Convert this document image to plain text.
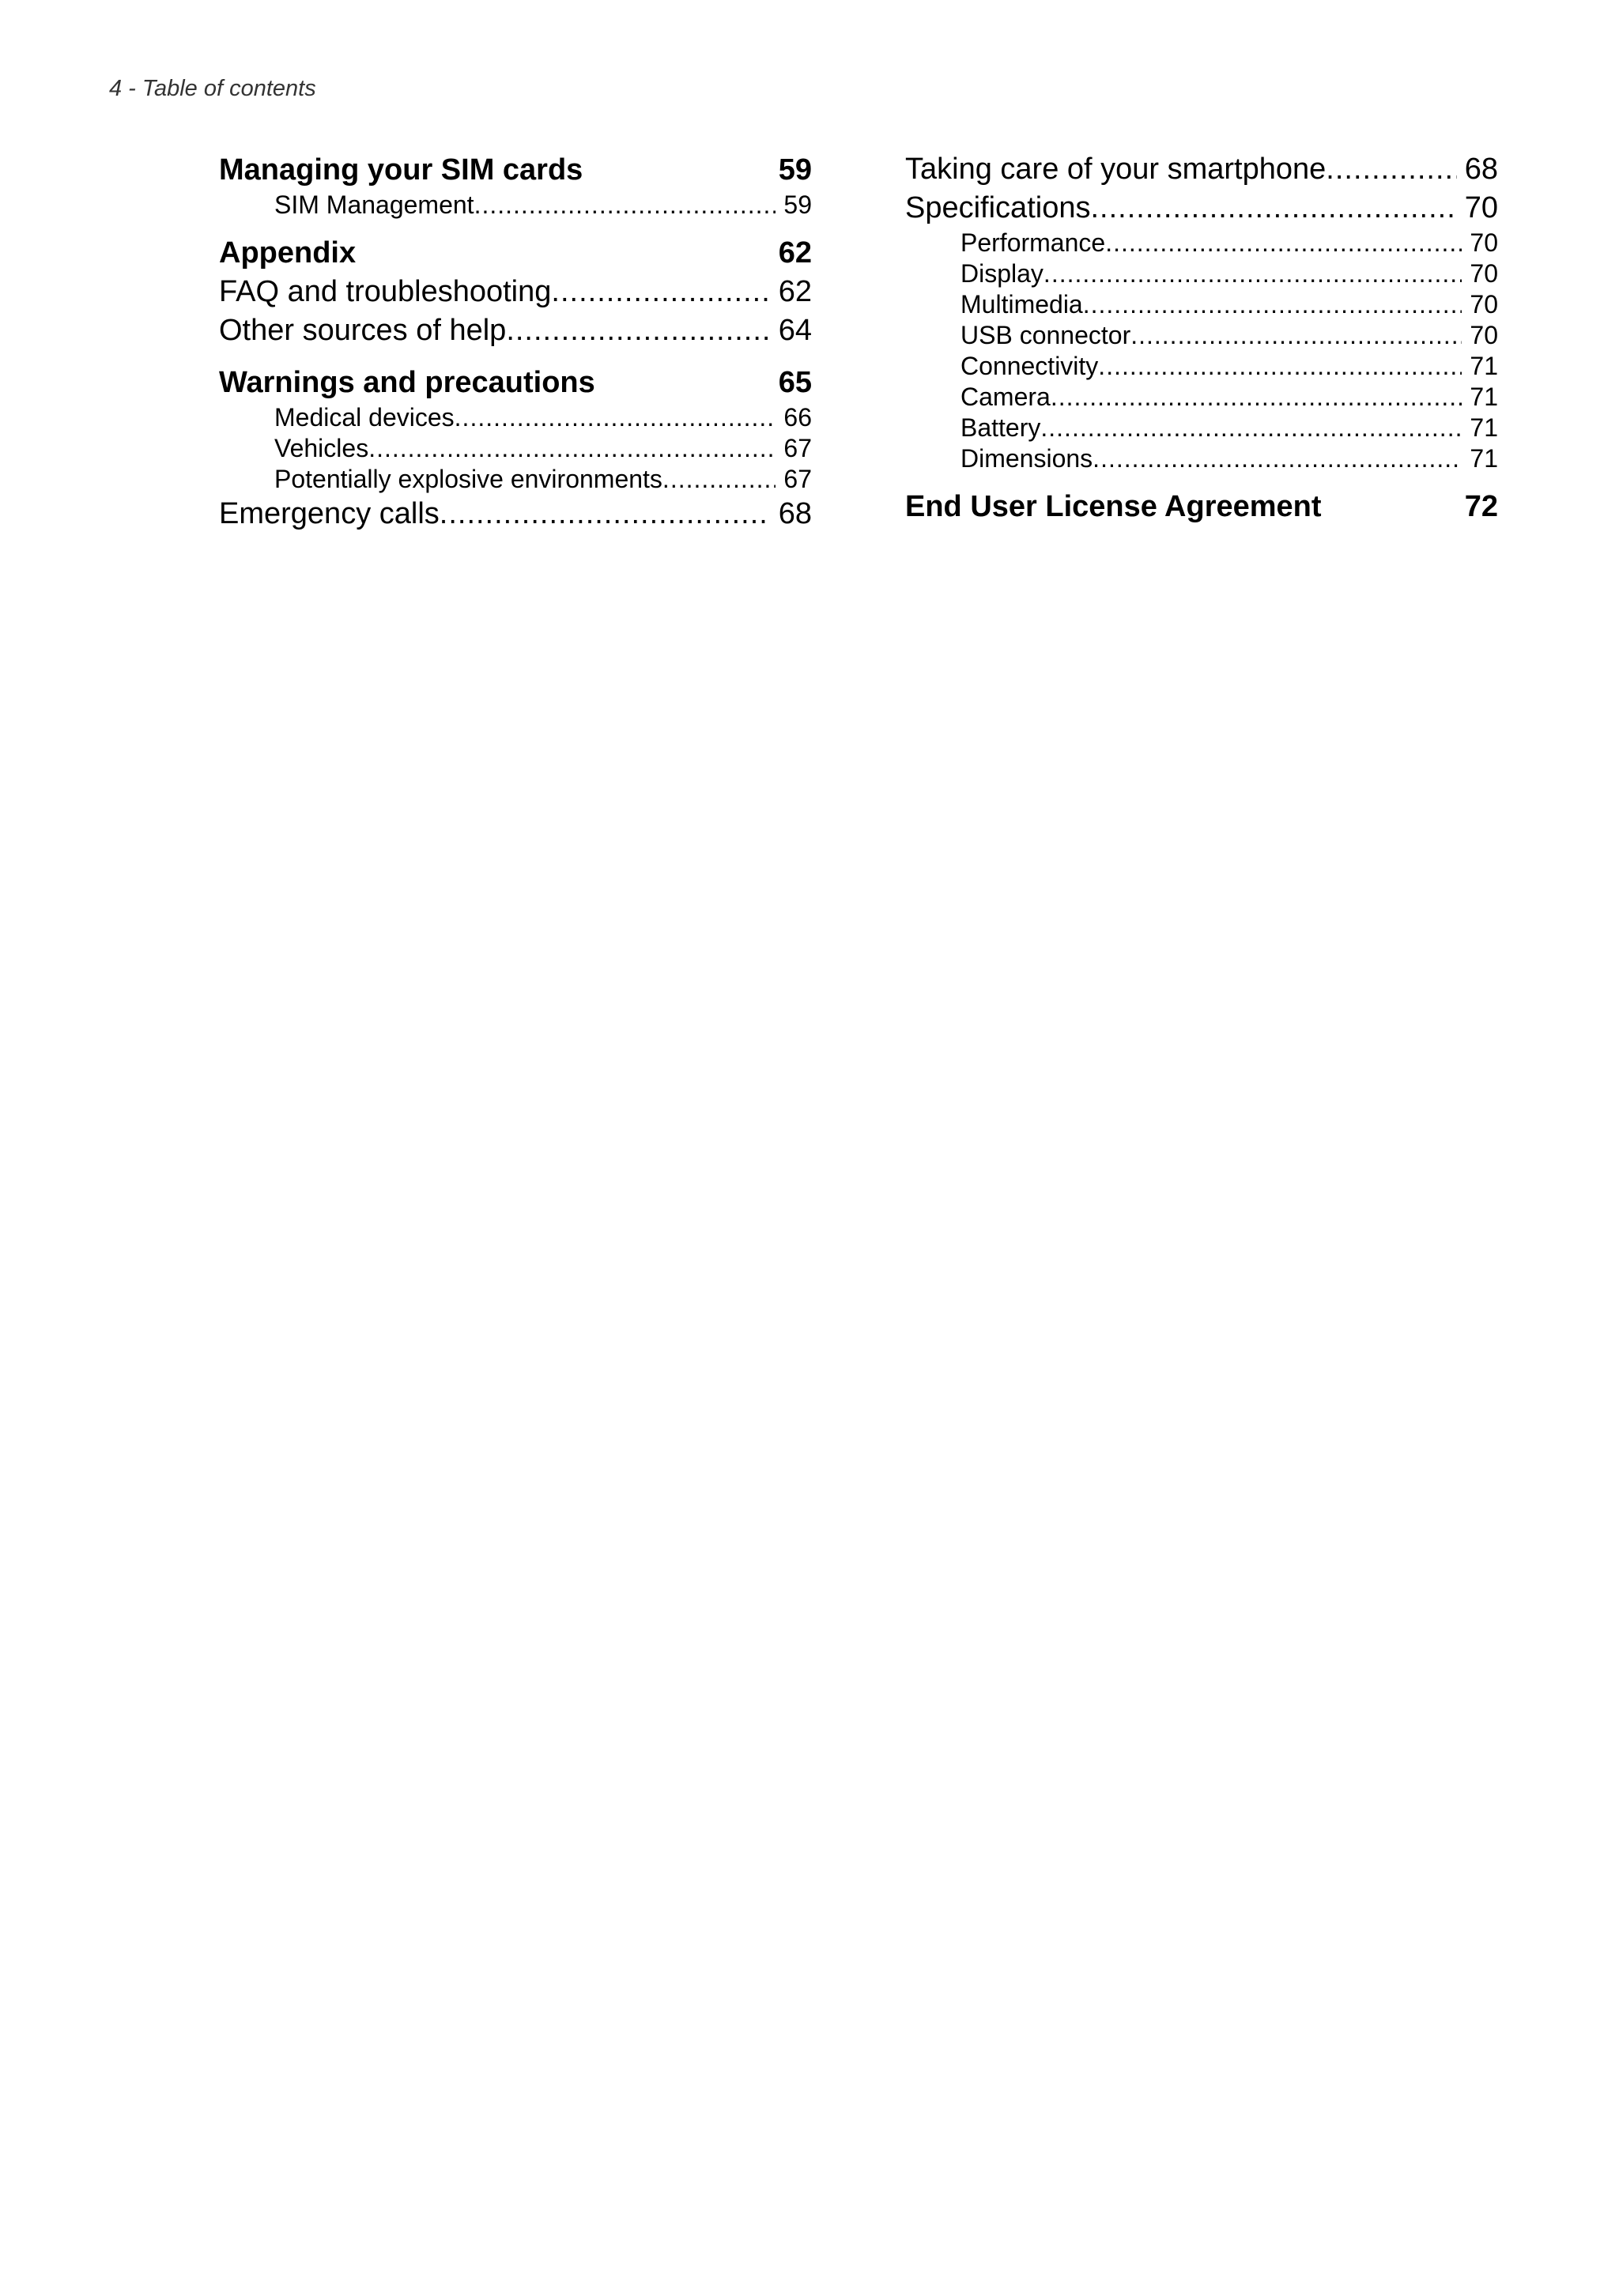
4 - Table of contents
Managing your SIM cards	59
SIM Management .....	59
Appendix	62
FAQ and troubleshooting .....	62
Other sources of help .....	64
Warnings and precautions	65
Medical devices .....	66
Vehicles .....	67
Potentially explosive environments .....	67
Emergency calls .....	68
Taking care of your smartphone .....	68
Specifications .....	70
Performance .....	70
Display .....	70
Multimedia .....	70
USB connector .....	70
Connectivity .....	71
Camera .....	71
Battery .....	71
Dimensions .....	71
End User License Agreement	72
